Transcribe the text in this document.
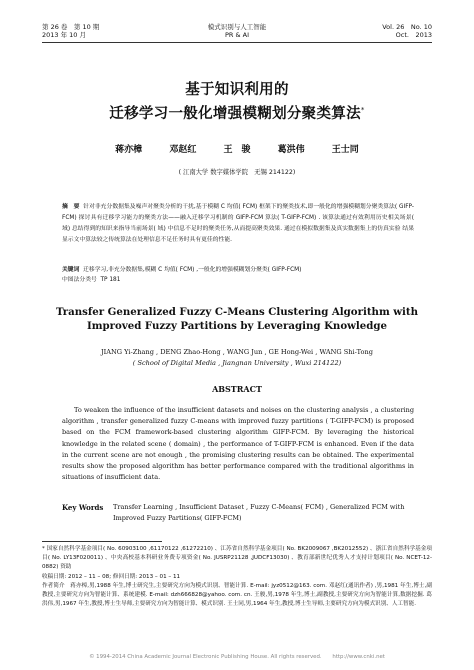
第 26 卷　第 10 期
2013 年 10 月
模式识别与人工智能
PR & AI
Vol. 26　No. 10
Oct.　2013
基于知识利用的
迁移学习一般化增强模糊划分聚类算法*
蒋亦樟	邓赵红	王　骏	葛洪伟	王士同
( 江南大学 数字媒体学院　无锡 214122)
摘　要 针对非充分数据集及噪声对聚类分析的干扰,基于模糊 C 均值( FCM) 框架下的聚类技术,即一般化的增强模糊划分聚类算法( GIFP-FCM) 探讨具有迁移学习能力的聚类方法——融入迁移学习机制的 GIFP-FCM 算法( T-GIFP-FCM) . 该算法通过有效利用历史相关场景( 域) 总结得到的知识来指导当前场景( 域) 中信息不足时的聚类任务,从而提高聚类效果. 通过在模拟数据集及真实数据集上的仿真实验 结果显示文中算法较之传统算法在处理信息不足任务时具有更佳的性能.
关键词 迁移学习,非充分数据集,模糊 C 均值( FCM) ,一般化的增强模糊划分聚类( GIFP-FCM)
中图法分类号 TP 181
Transfer Generalized Fuzzy C-Means Clustering Algorithm with
Improved Fuzzy Partitions by Leveraging Knowledge
JIANG Yi-Zhang , DENG Zhao-Hong , WANG Jun , GE Hong-Wei , WANG Shi-Tong
( School of Digital Media , Jiangnan University , Wuxi 214122)
ABSTRACT
To weaken the influence of the insufficient datasets and noises on the clustering analysis , a clustering algorithm , transfer generalized fuzzy C-means with improved fuzzy partitions ( T-GIFP-FCM) is proposed based on the FCM framework-based clustering algorithm GIFP-FCM. By leveraging the historical knowledge in the related scene ( domain) , the performance of T-GIFP-FCM is enhanced. Even if the data in the current scene are not enough , the promising clustering results can be obtained. The experimental results show the proposed algorithm has better performance compared with the traditional algorithms in situations of insufficient data.
Key Words Transfer Learning , Insufficient Dataset , Fuzzy C-Means( FCM) , Generalized FCM with Improved Fuzzy Partitions( GIFP-FCM)
* 国家自然科学基金项目( No. 60903100 ,61170122 ,61272210) 、江苏省自然科学基金项目( No. BK2009067 ,BK2012552) 、浙江省自然科学基金项目( No. LY13F020011) 、中央高校基本科研业务费专项资金( No. JUSRP21128 ,JUDCF13030) 、教育部新世纪优秀人才支持计划项目( No. NCET-12-0882) 资助
收稿日期: 2012 – 11 – 08; 修回日期: 2013 – 01 – 11
作者简介　蒋亦樟,男,1988 年生,博士研究生,主要研究方向为模式识别、智能计算. E-mail: jyz0512@163. com. 邓赵红(通讯作者) ,男,1981 年生,博士,副教授,主要研究方向为智能计算、系统建模. E-mail: dzh666828@yahoo. com. cn. 王骏,男,1978 年生,博士,副教授,主要研究方向为智能计算,数据挖掘. 葛洪伟,男,1967 年生,教授,博士生导师,主要研究方向为智能计算、模式识别. 王士同,男,1964 年生,教授,博士生导师,主要研究方向为模式识别、人工智能.
© 1994-2014 China Academic Journal Electronic Publishing House. All rights reserved.　　http://www.cnki.net
